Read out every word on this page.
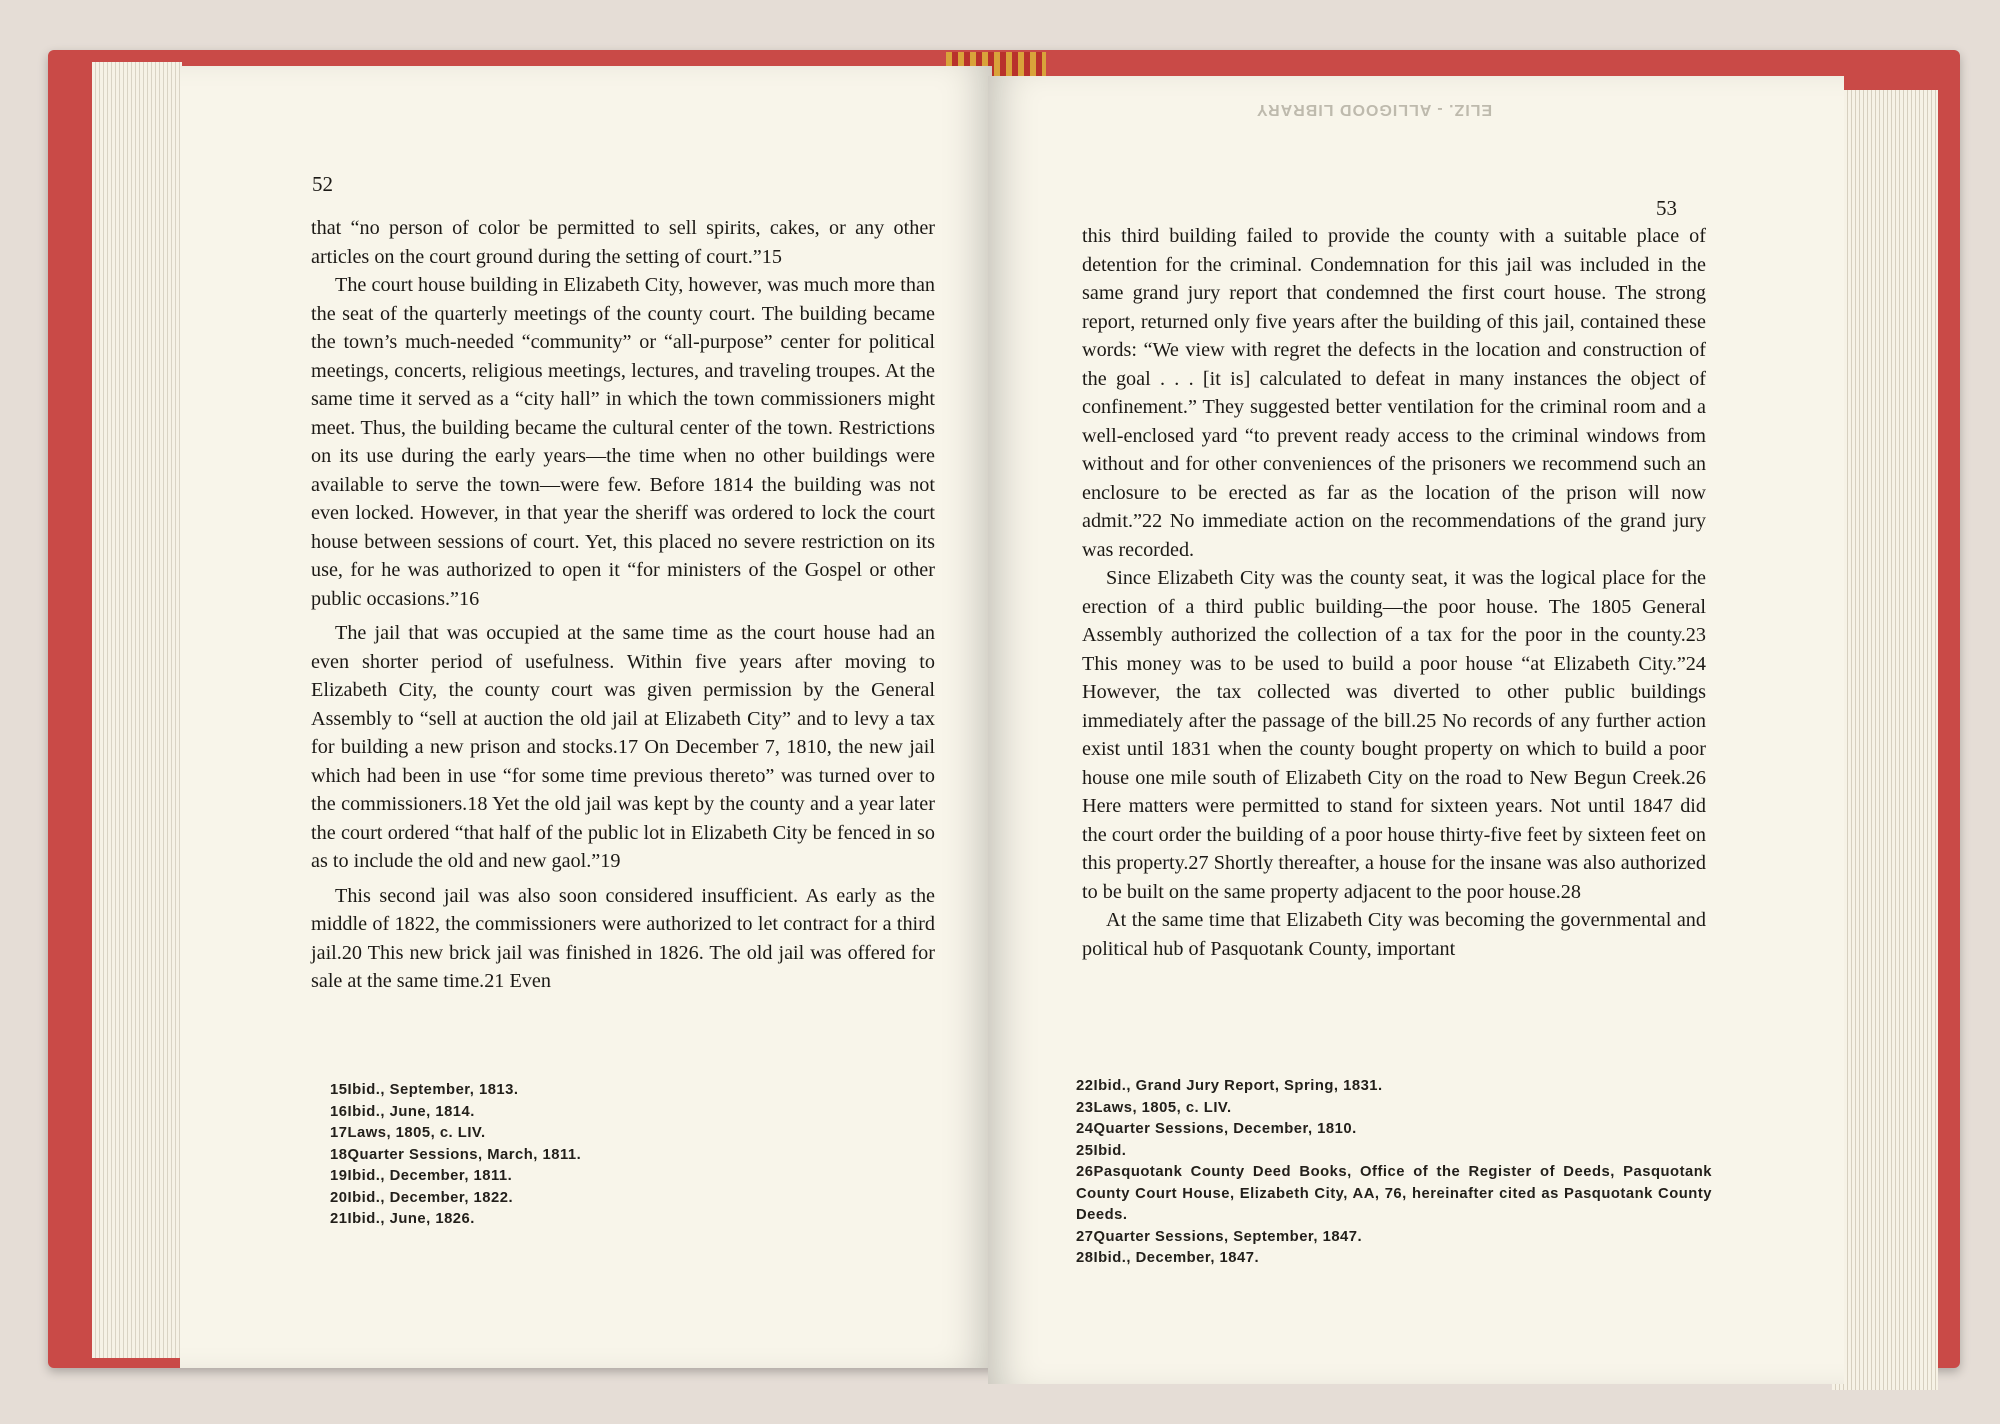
52

that “no person of color be permitted to sell spirits, cakes, or any other articles on the court ground during the setting of court.”15

The court house building in Elizabeth City, however, was much more than the seat of the quarterly meetings of the county court. The building became the town’s much-needed “community” or “all-purpose” center for political meetings, concerts, religious meetings, lectures, and traveling troupes. At the same time it served as a “city hall” in which the town commissioners might meet. Thus, the building became the cultural center of the town. Restrictions on its use during the early years—the time when no other buildings were available to serve the town—were few. Before 1814 the building was not even locked. However, in that year the sheriff was ordered to lock the court house between sessions of court. Yet, this placed no severe restriction on its use, for he was authorized to open it “for ministers of the Gospel or other public occasions.”16

The jail that was occupied at the same time as the court house had an even shorter period of usefulness. Within five years after moving to Elizabeth City, the county court was given permission by the General Assembly to “sell at auction the old jail at Elizabeth City” and to levy a tax for building a new prison and stocks.17 On December 7, 1810, the new jail which had been in use “for some time previous thereto” was turned over to the commissioners.18 Yet the old jail was kept by the county and a year later the court ordered “that half of the public lot in Elizabeth City be fenced in so as to include the old and new gaol.”19

This second jail was also soon considered insufficient. As early as the middle of 1822, the commissioners were authorized to let contract for a third jail.20 This new brick jail was finished in 1826. The old jail was offered for sale at the same time.21 Even

15Ibid., September, 1813.
16Ibid., June, 1814.
17Laws, 1805, c. LIV.
18Quarter Sessions, March, 1811.
19Ibid., December, 1811.
20Ibid., December, 1822.
21Ibid., June, 1826.
ELIZ. - ALLIGOOD LIBRARY
53

this third building failed to provide the county with a suitable place of detention for the criminal. Condemnation for this jail was included in the same grand jury report that condemned the first court house. The strong report, returned only five years after the building of this jail, contained these words: “We view with regret the defects in the location and construction of the goal . . . [it is] calculated to defeat in many instances the object of confinement.” They suggested better ventilation for the criminal room and a well-enclosed yard “to prevent ready access to the criminal windows from without and for other conveniences of the prisoners we recommend such an enclosure to be erected as far as the location of the prison will now admit.”22 No immediate action on the recommendations of the grand jury was recorded.

Since Elizabeth City was the county seat, it was the logical place for the erection of a third public building—the poor house. The 1805 General Assembly authorized the collection of a tax for the poor in the county.23 This money was to be used to build a poor house “at Elizabeth City.”24 However, the tax collected was diverted to other public buildings immediately after the passage of the bill.25 No records of any further action exist until 1831 when the county bought property on which to build a poor house one mile south of Elizabeth City on the road to New Begun Creek.26 Here matters were permitted to stand for sixteen years. Not until 1847 did the court order the building of a poor house thirty-five feet by sixteen feet on this property.27 Shortly thereafter, a house for the insane was also authorized to be built on the same property adjacent to the poor house.28

At the same time that Elizabeth City was becoming the governmental and political hub of Pasquotank County, important

22Ibid., Grand Jury Report, Spring, 1831.
23Laws, 1805, c. LIV.
24Quarter Sessions, December, 1810.
25Ibid.
26Pasquotank County Deed Books, Office of the Register of Deeds, Pasquotank County Court House, Elizabeth City, AA, 76, hereinafter cited as Pasquotank County Deeds.
27Quarter Sessions, September, 1847.
28Ibid., December, 1847.
